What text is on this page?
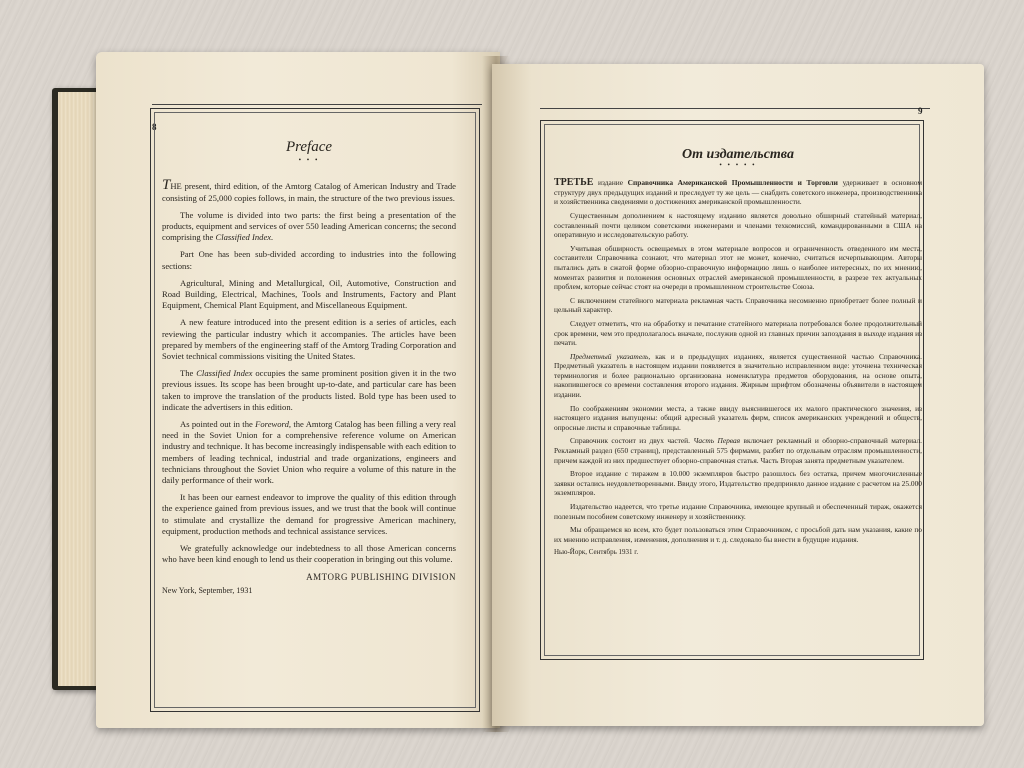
8
Preface
• • •

THE present, third edition, of the Amtorg Catalog of American Industry and Trade consisting of 25,000 copies follows, in main, the structure of the two previous issues.

The volume is divided into two parts: the first being a presentation of the products, equipment and services of over 550 leading American concerns; the second comprising the Classified Index.

Part One has been sub-divided according to industries into the following sections:

Agricultural, Mining and Metallurgical, Oil, Automotive, Construction and Road Building, Electrical, Machines, Tools and Instruments, Factory and Plant Equipment, Chemical Plant Equipment, and Miscellaneous Equipment.

A new feature introduced into the present edition is a series of articles, each reviewing the particular industry which it accompanies. The articles have been prepared by members of the engineering staff of the Amtorg Trading Corporation and Soviet technical commissions visiting the United States.

The Classified Index occupies the same prominent position given it in the two previous issues. Its scope has been brought up-to-date, and particular care has been taken to improve the translation of the products listed. Bold type has been used to indicate the advertisers in this edition.

As pointed out in the Foreword, the Amtorg Catalog has been filling a very real need in the Soviet Union for a comprehensive reference volume on American industry and technique. It has become increasingly indispensable with each edition to members of leading technical, industrial and trade organizations, engineers and technicians throughout the Soviet Union who require a volume of this nature in the daily performance of their work.

It has been our earnest endeavor to improve the quality of this edition through the experience gained from previous issues, and we trust that the book will continue to stimulate and crystallize the demand for progressive American machinery, equipment, production methods and technical assistance services.

We gratefully acknowledge our indebtedness to all those American concerns who have been kind enough to lend us their cooperation in bringing out this volume.

AMTORG PUBLISHING DIVISION
New York, September, 1931
9
От издательства
• • • • •

ТРЕТЬЕ издание Справочника Американской Промышленности и Торговли удерживает в основном структуру двух предыдущих изданий и преследует ту же цель — снабдить советского инженера, производственника и хозяйственника сведениями о достижениях американской промышленности.

Существенным дополнением к настоящему изданию является довольно обширный статейный материал, составленный почти целиком советскими инженерами и членами техкомиссий, командированными в США на оперативную и исследовательскую работу.

Учитывая обширность освещаемых в этом материале вопросов и ограниченность отведенного им места, составители Справочника сознают, что материал этот не может, конечно, считаться исчерпывающим. Авторы пытались дать в сжатой форме обзорно-справочную информацию лишь о наиболее интересных, по их мнению, моментах развития и положения основных отраслей американской промышленности, в разрезе тех актуальных проблем, которые сейчас стоят на очереди в промышленном строительстве Союза.

С включением статейного материала рекламная часть Справочника несомненно приобретает более полный и цельный характер.

Следует отметить, что на обработку и печатание статейного материала потребовался более продолжительный срок времени, чем это предполагалось вначале, послужив одной из главных причин запоздания в выходе издания из печати.

Предметный указатель, как и в предыдущих изданиях, является существенной частью Справочника. Предметный указатель в настоящем издании появляется в значительно исправленном виде: уточнена техническая терминология и более рационально организована номенклатура предметов оборудования, на основе опыта, накопившегося со времени составления второго издания. Жирным шрифтом обозначены объявители в настоящем издании.

По соображениям экономии места, а также ввиду выяснившегося их малого практического значения, из настоящего издания выпущены: общий адресный указатель фирм, список американских учреждений и обществ, опросные листы и справочные таблицы.

Справочник состоит из двух частей. Часть Первая включает рекламный и обзорно-справочный материал. Рекламный раздел (650 страниц), представленный 575 фирмами, разбит по отдельным отраслям промышленности, причем каждой из них предшествует обзорно-справочная статья. Часть Вторая занята предметным указателем.

Второе издание с тиражем в 10.000 экземпляров быстро разошлось без остатка, причем многочисленные заявки остались неудовлетворенными. Ввиду этого, Издательство предприняло данное издание с расчетом на 25.000 экземпляров.

Издательство надеется, что третье издание Справочника, имеющее крупный и обеспеченный тираж, окажется полезным пособием советскому инженеру и хозяйственнику.

Мы обращаемся ко всем, кто будет пользоваться этим Справочником, с просьбой дать нам указания, какие по их мнению исправления, изменения, дополнения и т. д. следовало бы внести в будущие издания.

Нью-Йорк, Сентябрь 1931 г.
